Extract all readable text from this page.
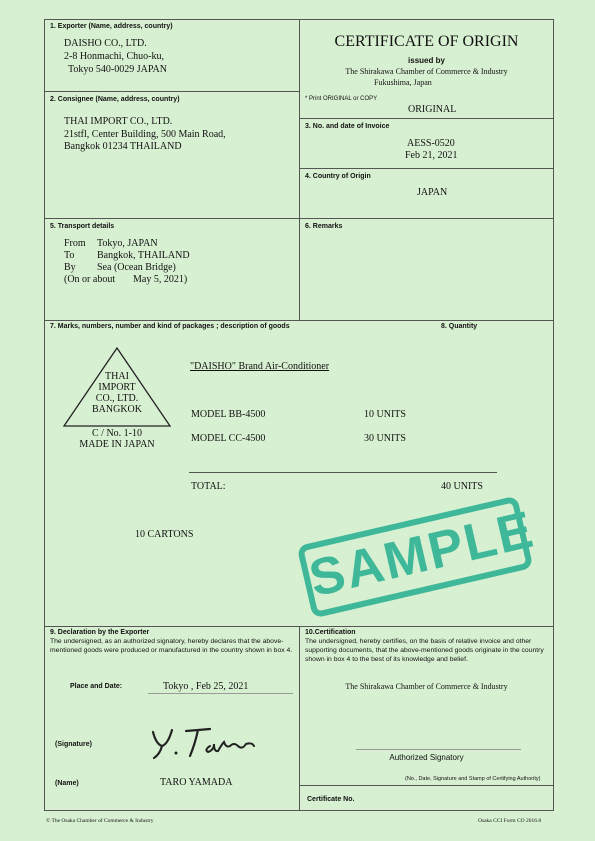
1. Exporter (Name, address, country)
DAISHO CO., LTD.
2-8 Honmachi, Chuo-ku,
Tokyo 540-0029 JAPAN
CERTIFICATE OF ORIGIN
issued by
The Shirakawa Chamber of Commerce & Industry
Fukushima, Japan
2. Consignee (Name, address, country)
THAI IMPORT CO., LTD.
21stfl, Center Building, 500 Main Road,
Bangkok 01234 THAILAND
* Print ORIGINAL or COPY
ORIGINAL
3. No. and date of Invoice
AESS-0520
Feb 21, 2021
4. Country of Origin
JAPAN
5. Transport details
From Tokyo, JAPAN
To Bangkok, THAILAND
By Sea (Ocean Bridge)
(On or about May 5, 2021)
6. Remarks
7. Marks, numbers, number and kind of packages ; description of goods	8. Quantity
THAI
IMPORT
CO., LTD.
BANGKOK
C / No. 1-10
MADE IN JAPAN
"DAISHO" Brand Air-Conditioner
MODEL BB-4500	10 UNITS
MODEL CC-4500	30 UNITS
TOTAL:	40 UNITS
10 CARTONS SAMPLE
9. Declaration by the Exporter
The undersigned, as an authorized signatory, hereby declares that the above-mentioned goods were produced or manufactured in the country shown in box 4.
Place and Date:	Tokyo , Feb 25, 2021
(Signature)
(Name)	TARO YAMADA
10.Certification
The undersigned, hereby certifies, on the basis of relative invoice and other supporting documents, that the above-mentioned goods originate in the country shown in box 4 to the best of its knowledge and belief.
The Shirakawa Chamber of Commerce & Industry
Authorized Signatory
(No., Date, Signature and Stamp of Certifying Authority)
Certificate No.
© The Osaka Chamber of Commerce & Industry	Osaka CCI Form CO 2016.8
